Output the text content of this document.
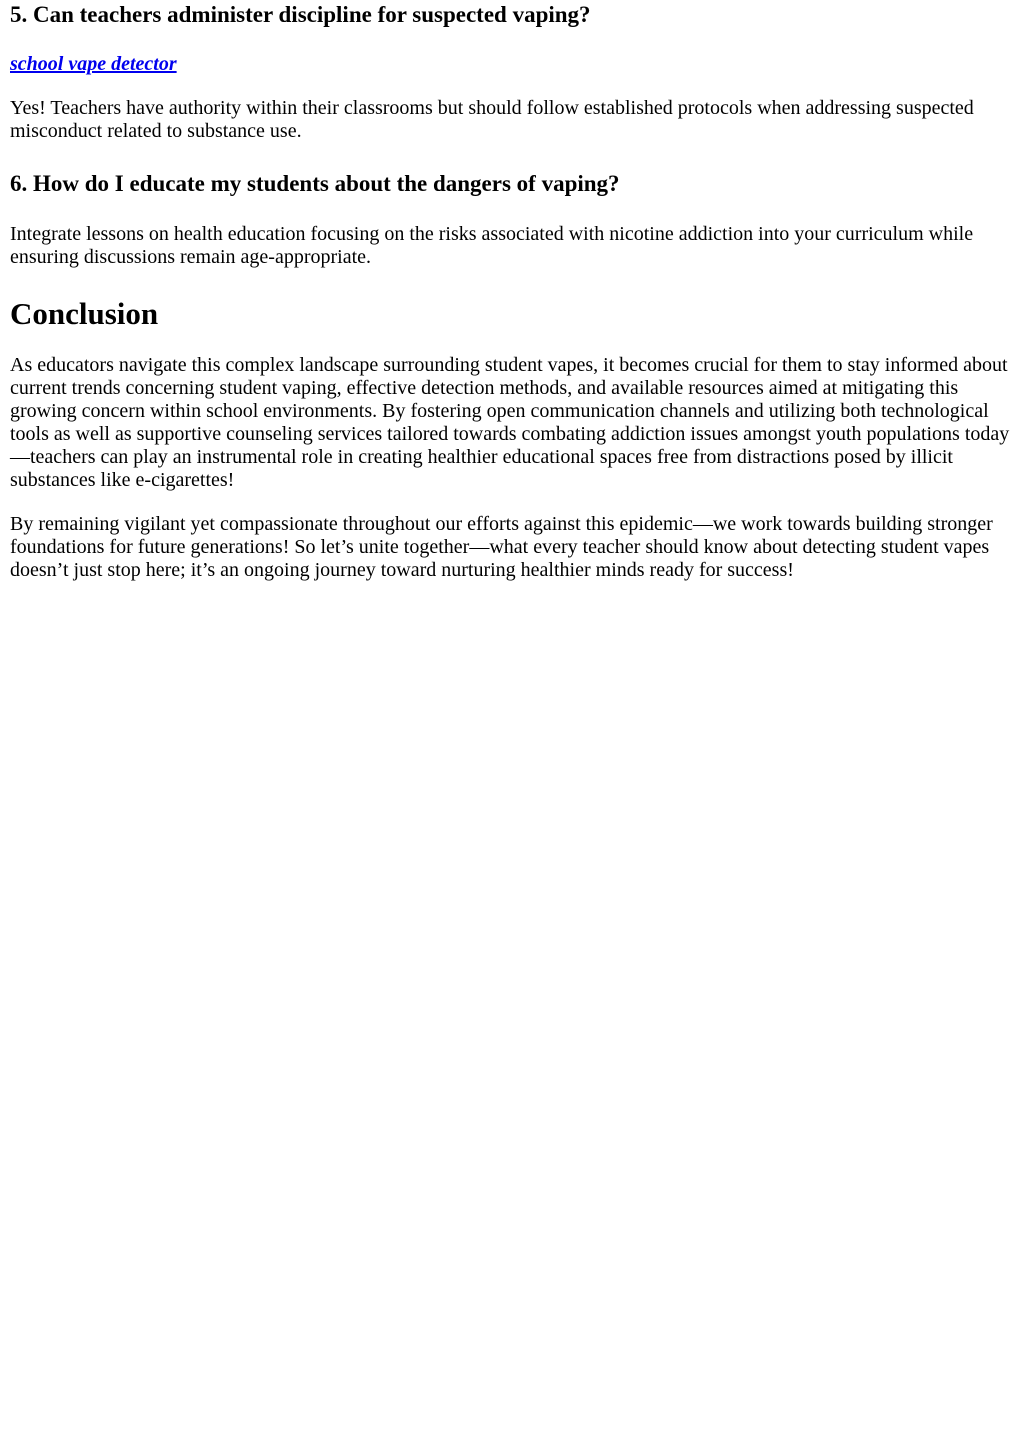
5. Can teachers administer discipline for suspected vaping?

school vape detector

Yes! Teachers have authority within their classrooms but should follow established protocols when addressing suspected misconduct related to substance use.

6. How do I educate my students about the dangers of vaping?

Integrate lessons on health education focusing on the risks associated with nicotine addiction into your curriculum while ensuring discussions remain age-appropriate.

Conclusion

As educators navigate this complex landscape surrounding student vapes, it becomes crucial for them to stay informed about current trends concerning student vaping, effective detection methods, and available resources aimed at mitigating this growing concern within school environments. By fostering open communication channels and utilizing both technological tools as well as supportive counseling services tailored towards combating addiction issues amongst youth populations today—teachers can play an instrumental role in creating healthier educational spaces free from distractions posed by illicit substances like e-cigarettes!

By remaining vigilant yet compassionate throughout our efforts against this epidemic—we work towards building stronger foundations for future generations! So let’s unite together—what every teacher should know about detecting student vapes doesn’t just stop here; it’s an ongoing journey toward nurturing healthier minds ready for success!
